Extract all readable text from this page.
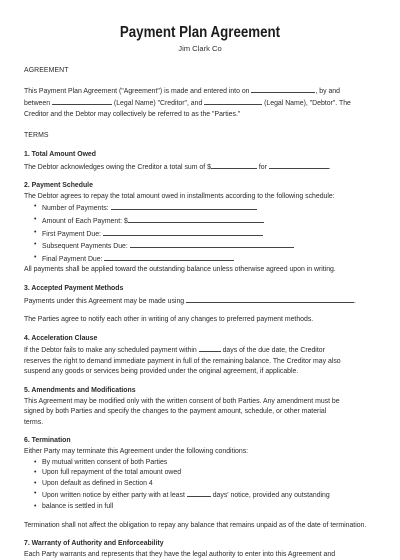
Payment Plan Agreement
Jim Clark Co

AGREEMENT

This Payment Plan Agreement ("Agreement") is made and entered into on	, by and

between	(Legal Name) "Creditor", and	(Legal Name), "Debtor". The

Creditor and the Debtor may collectively be referred to as the "Parties."

TERMS

1. Total Amount Owed

The Debtor acknowledges owing the Creditor a total sum of $	for	.

2. Payment Schedule

The Debtor agrees to repay the total amount owed in installments according to the following schedule:

• Number of Payments:
• Amount of Each Payment: $
• First Payment Due:
• Subsequent Payments Due:
• Final Payment Due:

All payments shall be applied toward the outstanding balance unless otherwise agreed upon in writing.

3. Accepted Payment Methods

Payments under this Agreement may be made using	.

The Parties agree to notify each other in writing of any changes to preferred payment methods.

4. Acceleration Clause

If the Debtor fails to make any scheduled payment within	days of the due date, the Creditor

reserves the right to demand immediate payment in full of the remaining balance. The Creditor may also

suspend any goods or services being provided under the original agreement, if applicable.

5. Amendments and Modifications

This Agreement may be modified only with the written consent of both Parties. Any amendment must be

signed by both Parties and specify the changes to the payment amount, schedule, or other material

terms.

6. Termination

Either Party may terminate this Agreement under the following conditions:

• By mutual written consent of both Parties
• Upon full repayment of the total amount owed
• Upon default as defined in Section 4
• Upon written notice by either party with at least	days' notice, provided any outstanding
• balance is settled in full

Termination shall not affect the obligation to repay any balance that remains unpaid as of the date of termination.

7. Warranty of Authority and Enforceability

Each Party warrants and represents that they have the legal authority to enter into this Agreement and
